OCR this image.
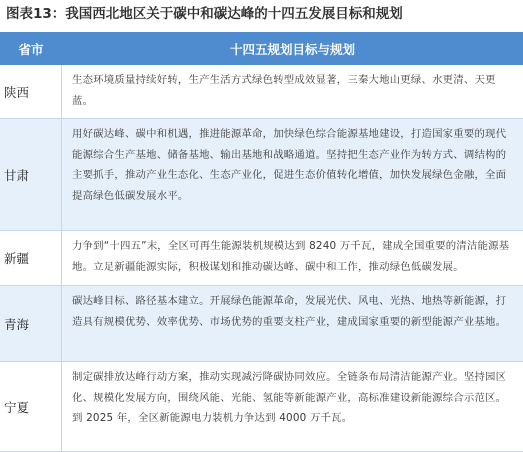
图表13：我国西北地区关于碳中和碳达峰的十四五发展目标和规划
省市	十四五规划目标与规划
陕西
生态环境质量持续好转，生产生活方式绿色转型成效显著，三秦大地山更绿、水更清、天更蓝。
甘肃
用好碳达峰、碳中和机遇，推进能源革命，加快绿色综合能源基地建设，打造国家重要的现代能源综合生产基地、储备基地、输出基地和战略通道。坚持把生态产业作为转方式、调结构的主要抓手，推动产业生态化、生态产业化，促进生态价值转化增值，加快发展绿色金融，全面提高绿色低碳发展水平。
新疆
力争到“十四五”末，全区可再生能源装机规模达到 8240 万千瓦，建成全国重要的清洁能源基地。立足新疆能源实际，积极谋划和推动碳达峰、碳中和工作，推动绿色低碳发展。
青海
碳达峰目标、路径基本建立。开展绿色能源革命，发展光伏、风电、光热、地热等新能源，打造具有规模优势、效率优势、市场优势的重要支柱产业，建成国家重要的新型能源产业基地。
宁夏
制定碳排放达峰行动方案，推动实现减污降碳协同效应。全链条布局清洁能源产业。坚持园区化、规模化发展方向，围绕风能、光能、氢能等新能源产业，高标准建设新能源综合示范区。到 2025 年，全区新能源电力装机力争达到 4000 万千瓦。
